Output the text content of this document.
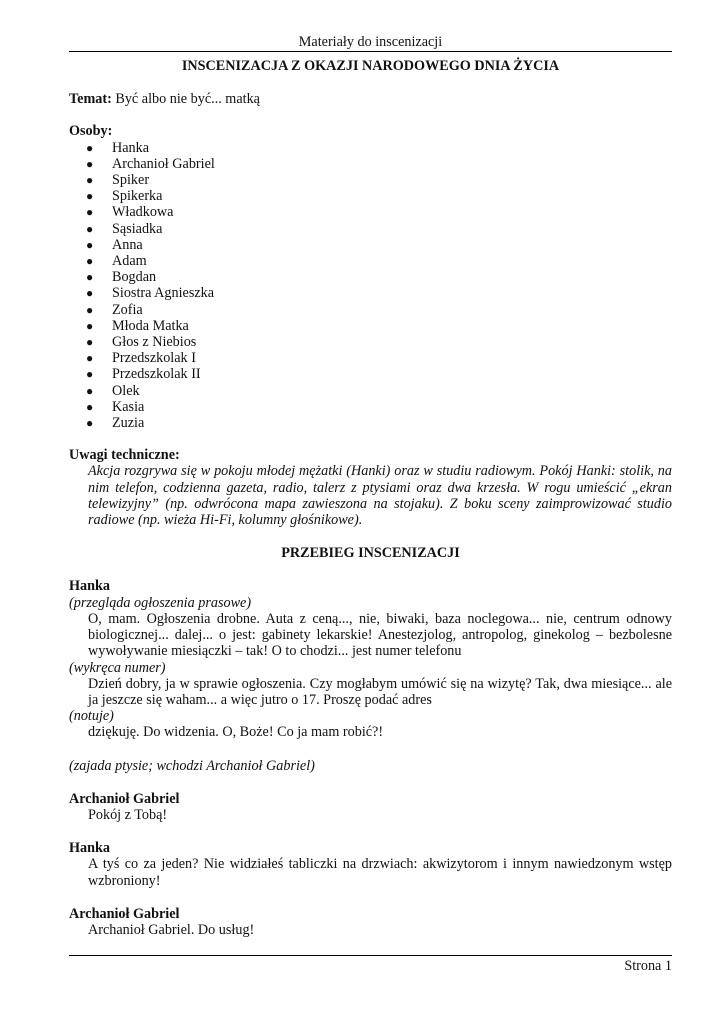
Materiały do inscenizacji

INSCENIZACJA Z OKAZJI NARODOWEGO DNIA ŻYCIA

Temat: Być albo nie być... matką

Osoby:

● Hanka
● Archanioł Gabriel
● Spiker
● Spikerka
● Władkowa
● Sąsiadka
● Anna
● Adam
● Bogdan
● Siostra Agnieszka
● Zofia
● Młoda Matka
● Głos z Niebios
● Przedszkolak I
● Przedszkolak II
● Olek
● Kasia
● Zuzia

Uwagi techniczne:

Akcja rozgrywa się w pokoju młodej mężatki (Hanki) oraz w studiu radiowym. Pokój Hanki: stolik, na nim telefon, codzienna gazeta, radio, talerz z ptysiami oraz dwa krzesła. W rogu umieścić „ekran telewizyjny” (np. odwrócona mapa zawieszona na stojaku). Z boku sceny zaimprowizować studio radiowe (np. wieża Hi-Fi, kolumny głośnikowe).

PRZEBIEG INSCENIZACJI

Hanka

(przegląda ogłoszenia prasowe)

O, mam. Ogłoszenia drobne. Auta z ceną..., nie, biwaki, baza noclegowa... nie, centrum odnowy biologicznej... dalej... o jest: gabinety lekarskie! Anestezjolog, antropolog, ginekolog – bezbolesne wywoływanie miesiączki – tak! O to chodzi... jest numer telefonu

(wykręca numer)

Dzień dobry, ja w sprawie ogłoszenia. Czy mogłabym umówić się na wizytę? Tak, dwa miesiące... ale ja jeszcze się waham... a więc jutro o 17. Proszę podać adres

(notuje)

dziękuję. Do widzenia. O, Boże! Co ja mam robić?!

(zajada ptysie; wchodzi Archanioł Gabriel)

Archanioł Gabriel

Pokój z Tobą!

Hanka

A tyś co za jeden? Nie widziałeś tabliczki na drzwiach: akwizytorom i innym nawiedzonym wstęp wzbroniony!

Archanioł Gabriel

Archanioł Gabriel. Do usług!

Strona 1
